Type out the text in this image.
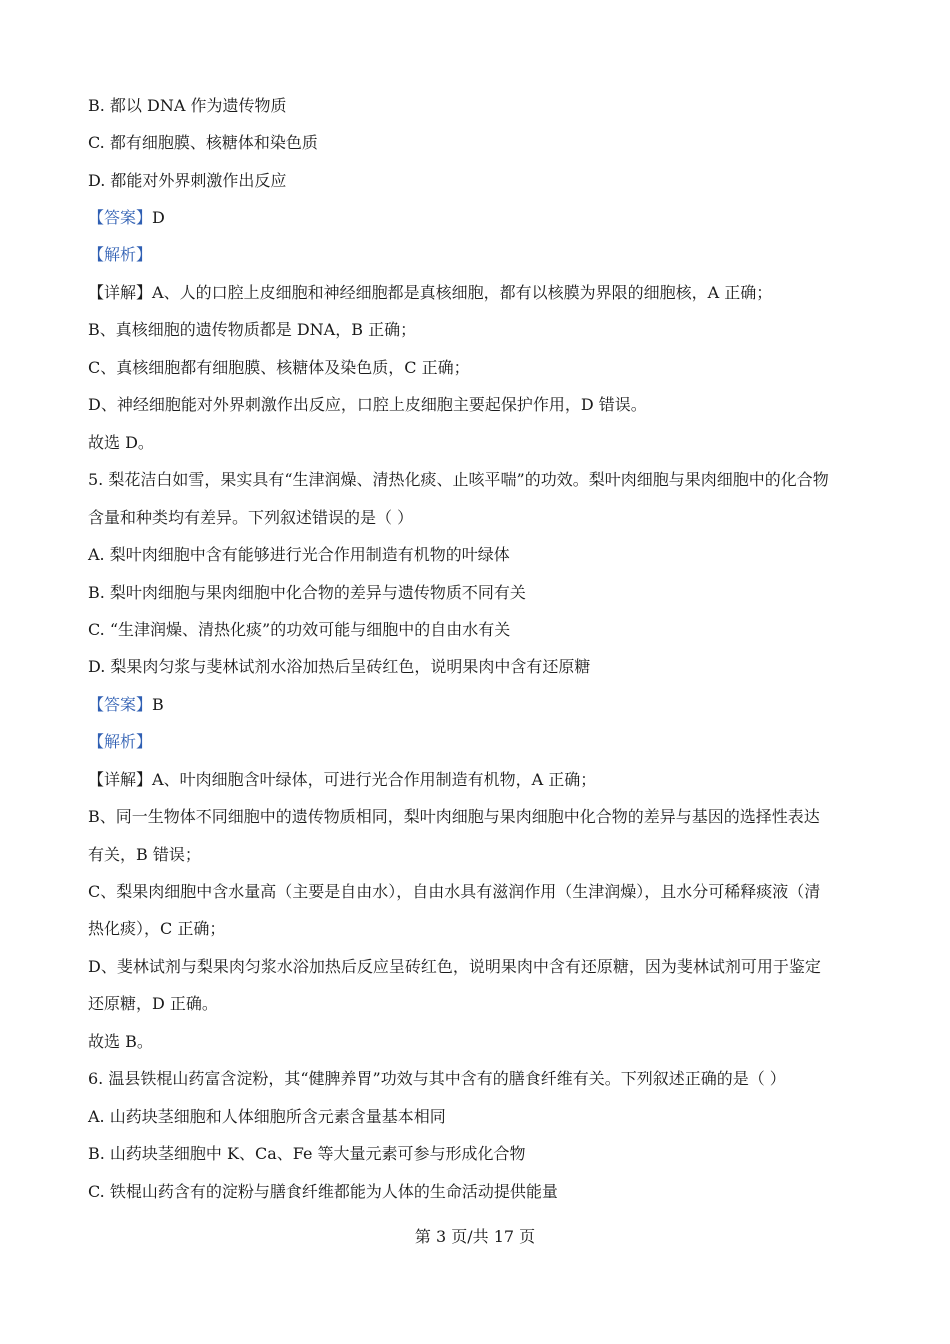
B. 都以 DNA 作为遗传物质
C. 都有细胞膜、核糖体和染色质
D. 都能对外界刺激作出反应
【答案】D
【解析】
【详解】A、人的口腔上皮细胞和神经细胞都是真核细胞，都有以核膜为界限的细胞核，A 正确；
B、真核细胞的遗传物质都是 DNA，B 正确；
C、真核细胞都有细胞膜、核糖体及染色质，C 正确；
D、神经细胞能对外界刺激作出反应，口腔上皮细胞主要起保护作用，D 错误。
故选 D。
5. 梨花洁白如雪，果实具有“生津润燥、清热化痰、止咳平喘”的功效。梨叶肉细胞与果肉细胞中的化合物
含量和种类均有差异。下列叙述错误的是（ ）
A. 梨叶肉细胞中含有能够进行光合作用制造有机物的叶绿体
B. 梨叶肉细胞与果肉细胞中化合物的差异与遗传物质不同有关
C. “生津润燥、清热化痰”的功效可能与细胞中的自由水有关
D. 梨果肉匀浆与斐林试剂水浴加热后呈砖红色，说明果肉中含有还原糖
【答案】B
【解析】
【详解】A、叶肉细胞含叶绿体，可进行光合作用制造有机物，A 正确；
B、同一生物体不同细胞中的遗传物质相同，梨叶肉细胞与果肉细胞中化合物的差异与基因的选择性表达
有关，B 错误；
C、梨果肉细胞中含水量高（主要是自由水），自由水具有滋润作用（生津润燥），且水分可稀释痰液（清
热化痰），C 正确；
D、斐林试剂与梨果肉匀浆水浴加热后反应呈砖红色，说明果肉中含有还原糖，因为斐林试剂可用于鉴定
还原糖，D 正确。
故选 B。
6. 温县铁棍山药富含淀粉，其“健脾养胃”功效与其中含有的膳食纤维有关。下列叙述正确的是（ ）
A. 山药块茎细胞和人体细胞所含元素含量基本相同
B. 山药块茎细胞中 K、Ca、Fe 等大量元素可参与形成化合物
C. 铁棍山药含有的淀粉与膳食纤维都能为人体的生命活动提供能量
第 3 页/共 17 页
